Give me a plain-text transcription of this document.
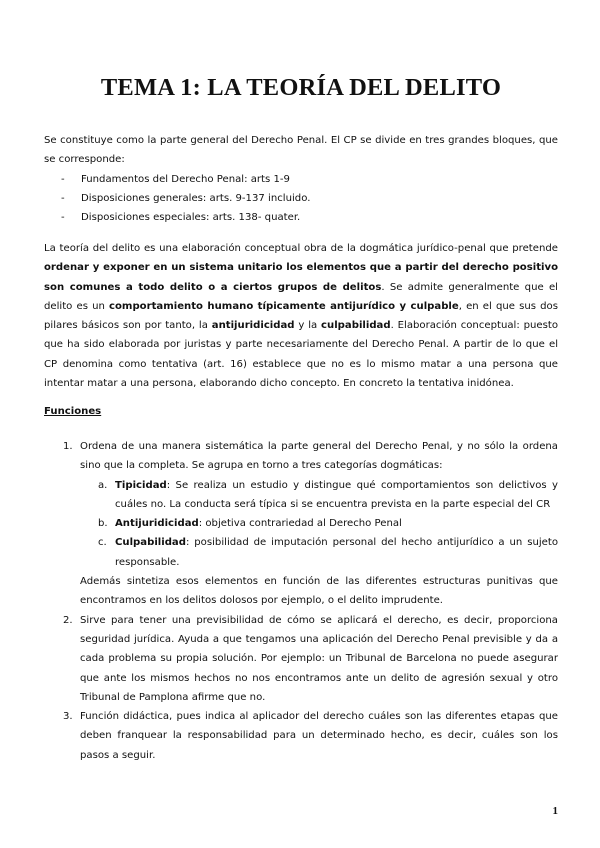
TEMA 1: LA TEORÍA DEL DELITO

Se constituye como la parte general del Derecho Penal. El CP se divide en tres grandes bloques, que se corresponde:

- Fundamentos del Derecho Penal: arts 1-9
- Disposiciones generales: arts. 9-137 incluido.
- Disposiciones especiales: arts. 138- quater.

La teoría del delito es una elaboración conceptual obra de la dogmática jurídico-penal que pretende ordenar y exponer en un sistema unitario los elementos que a partir del derecho positivo son comunes a todo delito o a ciertos grupos de delitos. Se admite generalmente que el delito es un comportamiento humano típicamente antijurídico y culpable, en el que sus dos pilares básicos son por tanto, la antijuridicidad y la culpabilidad. Elaboración conceptual: puesto que ha sido elaborada por juristas y parte necesariamente del Derecho Penal. A partir de lo que el CP denomina como tentativa (art. 16) establece que no es lo mismo matar a una persona que intentar matar a una persona, elaborando dicho concepto. En concreto la tentativa inidónea.

Funciones
1. Ordena de una manera sistemática la parte general del Derecho Penal, y no sólo la ordena sino que la completa. Se agrupa en torno a tres categorías dogmáticas:
a. Tipicidad: Se realiza un estudio y distingue qué comportamientos son delictivos y cuáles no. La conducta será típica si se encuentra prevista en la parte especial del CR
b. Antijuridicidad: objetiva contrariedad al Derecho Penal
c. Culpabilidad: posibilidad de imputación personal del hecho antijurídico a un sujeto responsable.
Además sintetiza esos elementos en función de las diferentes estructuras punitivas que encontramos en los delitos dolosos por ejemplo, o el delito imprudente.
2. Sirve para tener una previsibilidad de cómo se aplicará el derecho, es decir, proporciona seguridad jurídica. Ayuda a que tengamos una aplicación del Derecho Penal previsible y da a cada problema su propia solución. Por ejemplo: un Tribunal de Barcelona no puede asegurar que ante los mismos hechos no nos encontramos ante un delito de agresión sexual y otro Tribunal de Pamplona afirme que no.
3. Función didáctica, pues indica al aplicador del derecho cuáles son las diferentes etapas que deben franquear la responsabilidad para un determinado hecho, es decir, cuáles son los pasos a seguir.
1
